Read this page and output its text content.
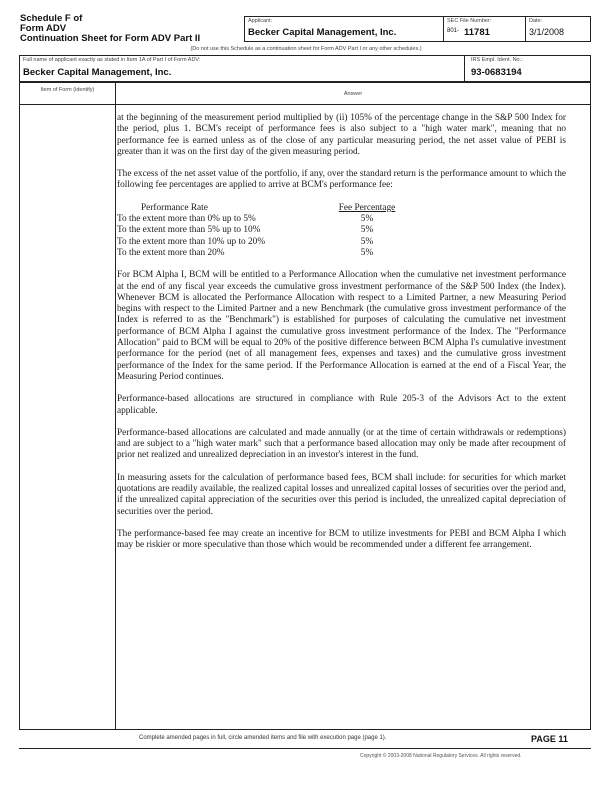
Schedule F of
Form ADV
Continuation Sheet for Form ADV Part II
Applicant:
Becker Capital Management, Inc.
SEC File Number:
801- 11781
Date:
3/1/2008
(Do not use this Schedule as a continuation sheet for Form ADV Part I or any other schedules.)
Full name of applicant exactly as stated in Item 1A of Part I of Form ADV:
Becker Capital Management, Inc.
IRS Empl. Ident. No.:
93-0683194
Item of Form (identify)
Answer

at the beginning of the measurement period multiplied by (ii) 105% of the percentage change in the S&P 500 Index for the period, plus 1. BCM's receipt of performance fees is also subject to a "high water mark", meaning that no performance fee is earned unless as of the close of any particular measuring period, the net asset value of PEBI is greater than it was on the first day of the given measuring period.

The excess of the net asset value of the portfolio, if any, over the standard return is the performance amount to which the following fee percentages are applied to arrive at BCM's performance fee:

Performance Rate	Fee Percentage
To the extent more than 0% up to 5%	5%
To the extent more than 5% up to 10%	5%
To the extent more than 10% up to 20%	5%
To the extent more than 20%	5%

For BCM Alpha I, BCM will be entitled to a Performance Allocation when the cumulative net investment performance at the end of any fiscal year exceeds the cumulative gross investment performance of the S&P 500 Index (the Index). Whenever BCM is allocated the Performance Allocation with respect to a Limited Partner, a new Measuring Period begins with respect to the Limited Partner and a new Benchmark (the cumulative gross investment performance of the Index is referred to as the "Benchmark") is established for purposes of calculating the cumulative net investment performance of BCM Alpha I against the cumulative gross investment performance of the Index. The "Performance Allocation" paid to BCM will be equal to 20% of the positive difference between BCM Alpha I's cumulative investment performance for the period (net of all management fees, expenses and taxes) and the cumulative gross investment performance of the Index for the same period. If the Performance Allocation is earned at the end of a Fiscal Year, the Measuring Period continues.

Performance-based allocations are structured in compliance with Rule 205-3 of the Advisors Act to the extent applicable.

Performance-based allocations are calculated and made annually (or at the time of certain withdrawals or redemptions) and are subject to a "high water mark" such that a performance based allocation may only be made after recoupment of prior net realized and unrealized depreciation in an investor's interest in the fund.

In measuring assets for the calculation of performance based fees, BCM shall include: for securities for which market quotations are readily available, the realized capital losses and unrealized capital losses of securities over the period and, if the unrealized capital appreciation of the securities over this period is included, the unrealized capital depreciation of securities over the period.

The performance-based fee may create an incentive for BCM to utilize investments for PEBI and BCM Alpha I which may be riskier or more speculative than those which would be recommended under a different fee arrangement.

Complete amended pages in full, circle amended items and file with execution page (page 1).	PAGE 11
Copyright © 2003-2008 National Regulatory Services. All rights reserved.
